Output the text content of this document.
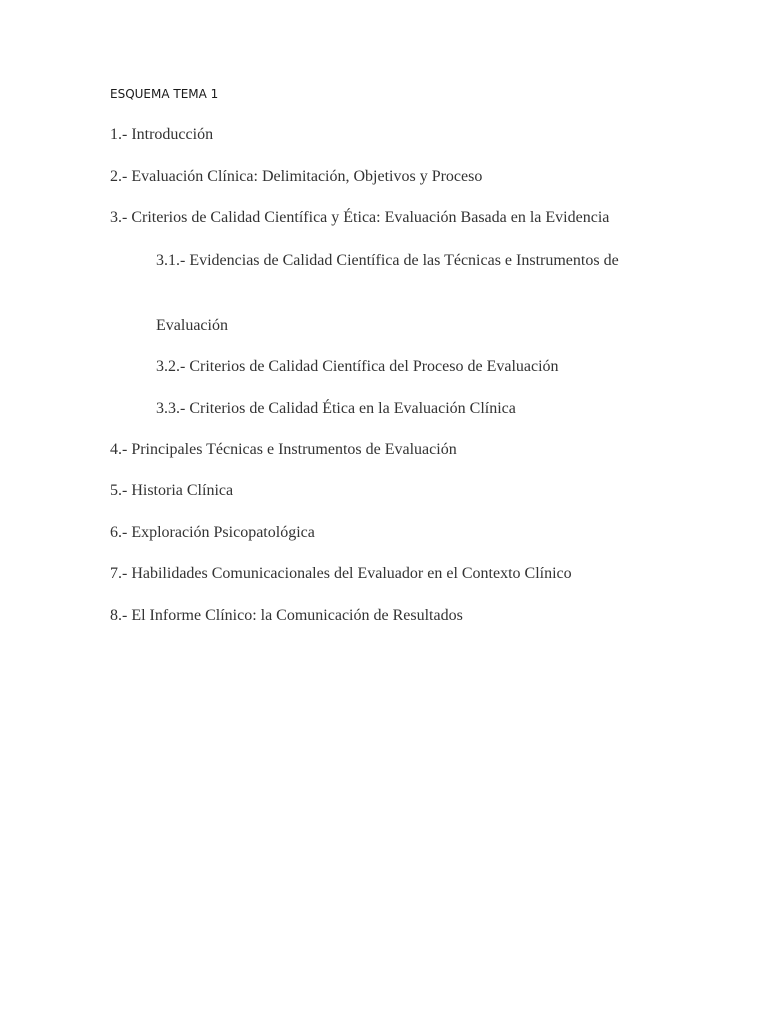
ESQUEMA TEMA 1
1.- Introducción
2.- Evaluación Clínica: Delimitación, Objetivos y Proceso
3.- Criterios de Calidad Científica y Ética: Evaluación Basada en la Evidencia
3.1.- Evidencias de Calidad Científica de las Técnicas e Instrumentos de
Evaluación
3.2.- Criterios de Calidad Científica del Proceso de Evaluación
3.3.- Criterios de Calidad Ética en la Evaluación Clínica
4.- Principales Técnicas e Instrumentos de Evaluación
5.- Historia Clínica
6.- Exploración Psicopatológica
7.- Habilidades Comunicacionales del Evaluador en el Contexto Clínico
8.- El Informe Clínico: la Comunicación de Resultados
